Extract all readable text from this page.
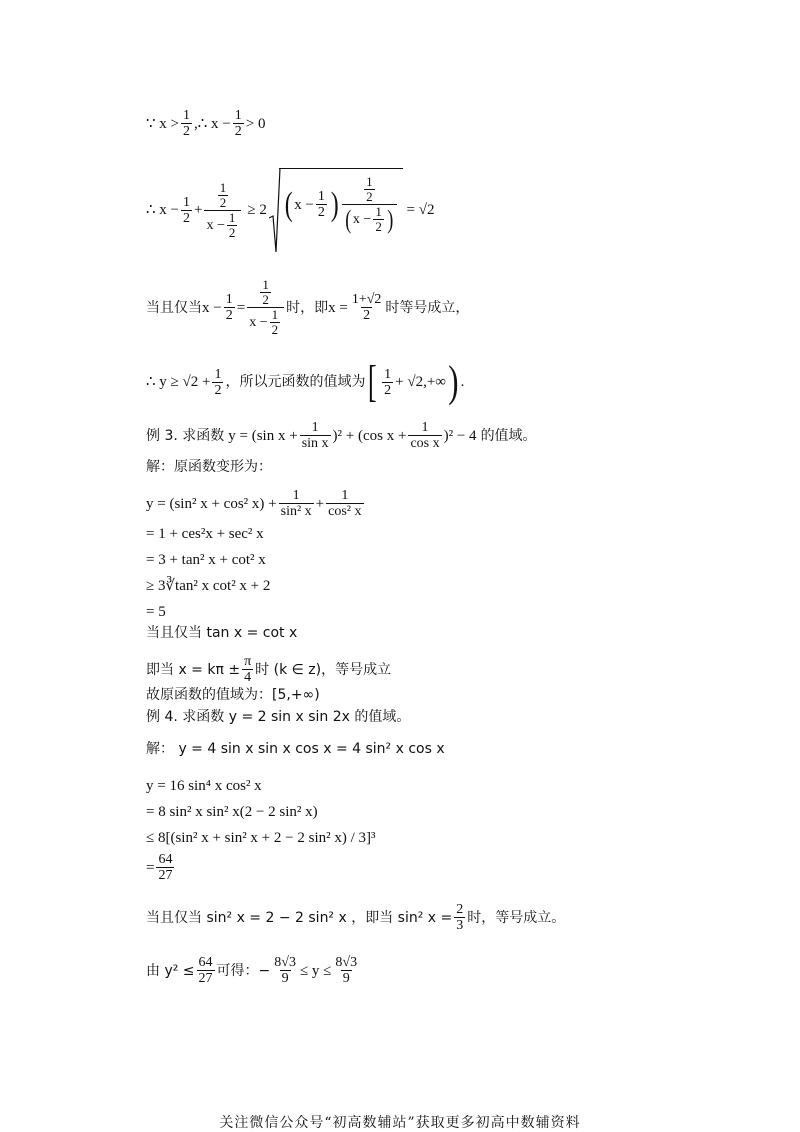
∵ $x > \frac{1}{2}$ ,∴ $x - \frac{1}{2} > 0$
∴ $x - \frac{1}{2} + \frac{\frac{1}{2}}{x - \frac{1}{2}} \ge 2$ ( $x - \frac{1}{2}$ ) $\frac{1}{2}$
( $x - \frac{1}{2}$ ) = √2
当且仅当 $x - \frac{1}{2} = \frac{\frac{1}{2}}{x - \frac{1}{2}}$ 时，即 $x = \frac{1+√2}{2}$ 时等号成立，
∴ $y \ge √2 + \frac{1}{2}$ ，所以元函数的值域为 [ $\frac{1}{2} + √2,+\infty$ ) .
例 3. 求函数 y = (sin $x + \frac{1}{\text{sin x}} )^2 + (\cos$ $x + \frac{1}{\text{cos x}} )^2 - 4$ 的值域。
解：原函数变形为：
y = (sin² x + cos² $x) + \frac{1}{\text{sin² x}} + \frac{1}{\text{cos² x}}$
= 1 + ces²x + sec² x
= 3 + tan² x + cot² x
≥ 3∛tan² x cot² x + 2
= 5
当且仅当 tan x = cot x
即当 $x = k\pi \pm \frac{\pi}{4}$ 时 (k ∈ z)，等号成立
故原函数的值域为：[5,+∞)
例 4. 求函数 y = 2 sin x sin 2x 的值域。
解： y = 4 sin x sin x cos x = 4 sin² x cos x
y = 16 sin⁴ x cos² x
= 8 sin² x sin² x(2 − 2 sin² x)
≤ 8[(sin² x + sin² x + 2 − 2 sin² x) / 3]³
= $\frac{64}{27}$
当且仅当 sin² x = 2 − 2 sin² x ，即当 sin² $x = \frac{2}{3}$ 时，等号成立。
由 $y^2 \le \frac{64}{27}$ 可得：− $\frac{8√3}{9} \le y \le \frac{8√3}{9}$
关注微信公众号“初高数辅站”获取更多初高中数辅资料
